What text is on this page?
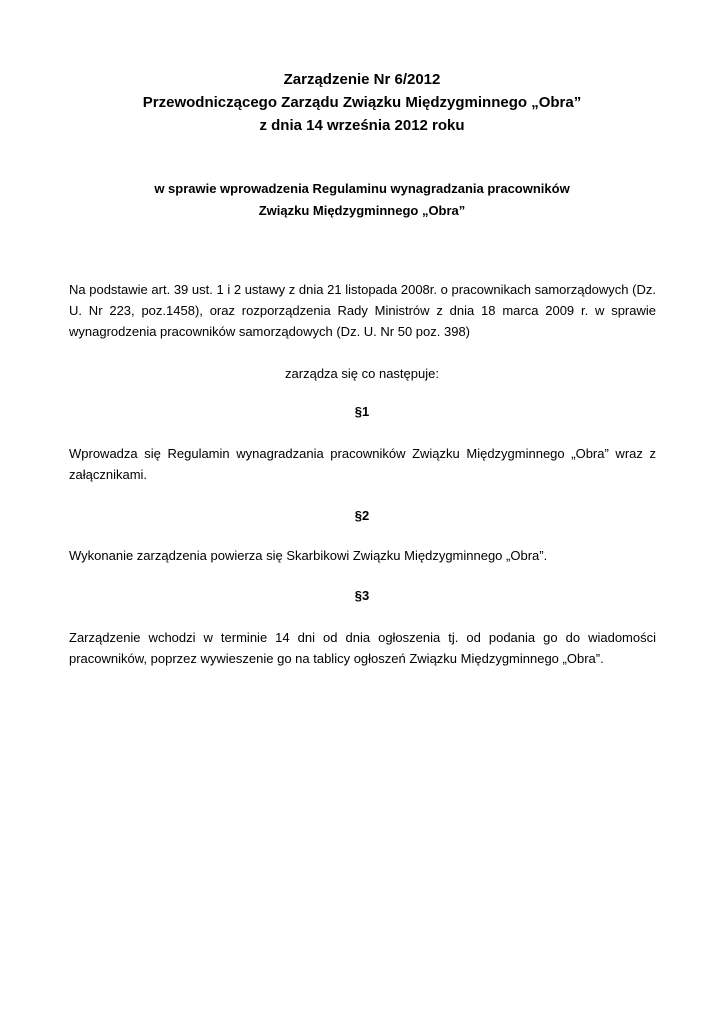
Zarządzenie Nr 6/2012

Przewodniczącego Zarządu Związku Międzygminnego „Obra”

z dnia 14 września 2012 roku

w sprawie wprowadzenia Regulaminu wynagradzania pracowników

Związku Międzygminnego „Obra”

Na podstawie art. 39 ust. 1 i 2 ustawy z dnia 21 listopada 2008r. o pracownikach samorządowych (Dz. U. Nr 223, poz.1458), oraz rozporządzenia Rady Ministrów z dnia 18 marca 2009 r. w sprawie wynagrodzenia pracowników samorządowych (Dz. U. Nr 50 poz. 398)

zarządza się co następuje:

§1

Wprowadza się Regulamin wynagradzania pracowników Związku Międzygminnego „Obra” wraz z załącznikami.

§2

Wykonanie zarządzenia powierza się Skarbikowi Związku Międzygminnego „Obra”.

§3

Zarządzenie wchodzi w terminie 14 dni od dnia ogłoszenia tj. od podania go do wiadomości pracowników, poprzez wywieszenie go na tablicy ogłoszeń Związku Międzygminnego „Obra”.
